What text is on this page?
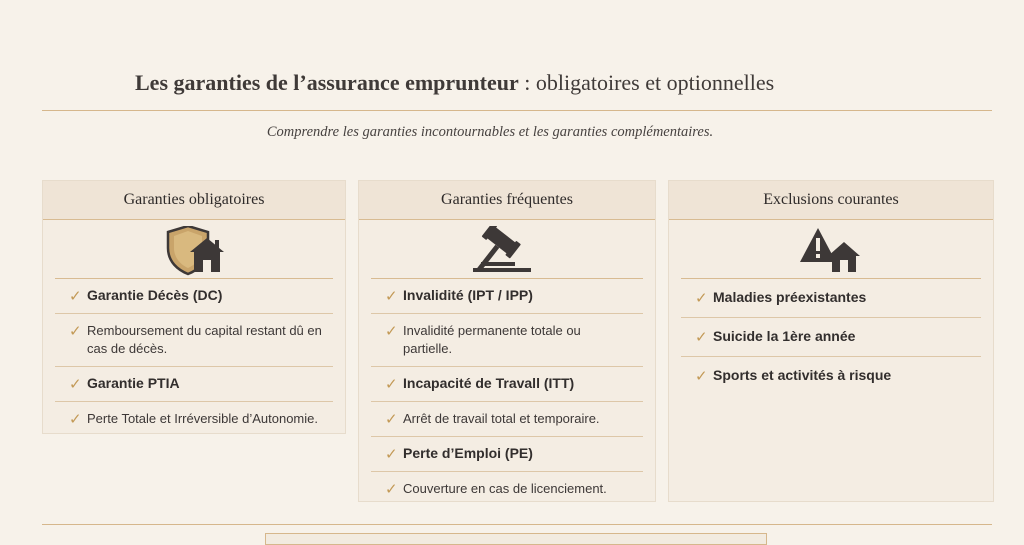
Les garanties de l’assurance emprunteur : obligatoires et optionnelles
Comprendre les garanties incontournables et les garanties complémentaires.
Garanties obligatoires
✓ Garantie Décès (DC)
✓ Remboursement du capital restant dû en cas de décès.
✓ Garantie PTIA
✓ Perte Totale et Irréversible d’Autonomie.
Garanties fréquentes
✓ Invalidité (IPT / IPP)
✓ Invalidité permanente totale ou partielle.
✓ Incapacité de Travall (ITT)
✓ Arrêt de travail total et temporaire.
✓ Perte d’Emploi (PE)
✓ Couverture en cas de licenciement.
Exclusions courantes
✓ Maladies préexistantes
✓ Suicide la 1ère année
✓ Sports et activités à risque
